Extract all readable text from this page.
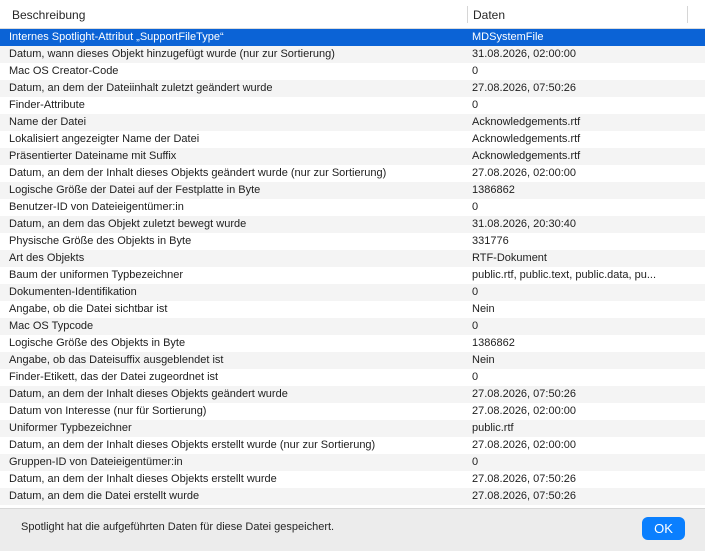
Beschreibung	Daten
Internes Spotlight-Attribut „SupportFileType“	MDSystemFile
Datum, wann dieses Objekt hinzugefügt wurde (nur zur Sortierung)	31.08.2026, 02:00:00
Mac OS Creator-Code	0
Datum, an dem der Dateiinhalt zuletzt geändert wurde	27.08.2026, 07:50:26
Finder-Attribute	0
Name der Datei	Acknowledgements.rtf
Lokalisiert angezeigter Name der Datei	Acknowledgements.rtf
Präsentierter Dateiname mit Suffix	Acknowledgements.rtf
Datum, an dem der Inhalt dieses Objekts geändert wurde (nur zur Sortierung)	27.08.2026, 02:00:00
Logische Größe der Datei auf der Festplatte in Byte	1386862
Benutzer-ID von Dateieigentümer:in	0
Datum, an dem das Objekt zuletzt bewegt wurde	31.08.2026, 20:30:40
Physische Größe des Objekts in Byte	331776
Art des Objekts	RTF-Dokument
Baum der uniformen Typbezeichner	public.rtf, public.text, public.data, pu...
Dokumenten-Identifikation	0
Angabe, ob die Datei sichtbar ist	Nein
Mac OS Typcode	0
Logische Größe des Objekts in Byte	1386862
Angabe, ob das Dateisuffix ausgeblendet ist	Nein
Finder-Etikett, das der Datei zugeordnet ist	0
Datum, an dem der Inhalt dieses Objekts geändert wurde	27.08.2026, 07:50:26
Datum von Interesse (nur für Sortierung)	27.08.2026, 02:00:00
Uniformer Typbezeichner	public.rtf
Datum, an dem der Inhalt dieses Objekts erstellt wurde (nur zur Sortierung)	27.08.2026, 02:00:00
Gruppen-ID von Dateieigentümer:in	0
Datum, an dem der Inhalt dieses Objekts erstellt wurde	27.08.2026, 07:50:26
Datum, an dem die Datei erstellt wurde	27.08.2026, 07:50:26
Spotlight hat die aufgeführten Daten für diese Datei gespeichert.	OK
